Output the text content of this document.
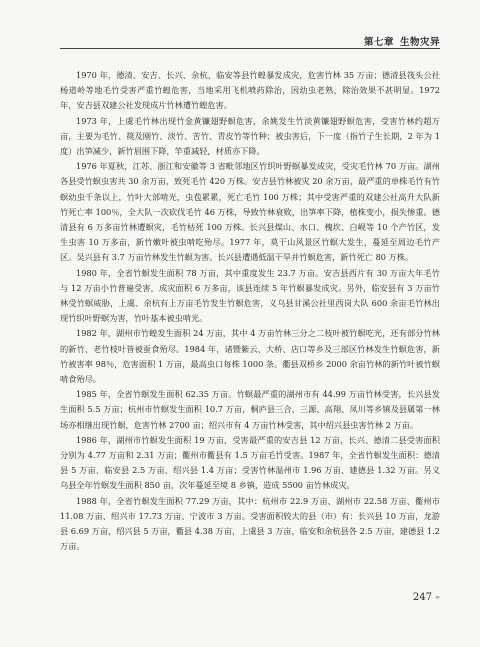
第七章 生物灾异

1970 年，德清、安吉、长兴、余杭、临安等县竹蝗暴发成灾，危害竹林 35 万亩；德清县筏头公社杨道岭等地毛竹受害严重竹蝗危害，当地采用飞机喷药除治，因幼虫老熟，除治效果不甚明显。1972 年，安吉县双建公社发现成片竹林遭竹蝗危害。

1973 年，上虞毛竹林出现竹金黄镰翅野螟危害，余姚发生竹淡黄镰翅野螟危害，受害竹林约超万亩，主要为毛竹、篌及刚竹、淡竹、苦竹、青皮竹等竹种；被虫害后，下一度（指竹子生长期，2 年为 1 度）出笋减少，新竹眉围下降，竿重减轻，材质亦下降。

1976 年夏秋，江苏、浙江和安徽等 3 省毗邻地区竹织叶野螟暴发成灾，受灾毛竹林 70 万亩。湖州各县受竹螟虫害共 30 余万亩，致死毛竹 420 万株。安吉县竹林被灾 20 余万亩，最严重的单株毛竹有竹螟幼虫千条以上，竹叶大部啃光，虫苞累累，死亡毛竹 100 万株；其中受害严重的双建公社高升大队新竹死亡率 100％，全大队一次砍伐毛竹 46 万株，导致竹林衰败，出笋率下降，植株变小，损失惨重。德清县有 6 万多亩竹林遭螟灾，毛竹枯死 100 万株。长兴县煤山、水口、槐坎、白岘等 10 个产竹区，发生虫害 10 万多亩，新竹嫩叶被虫啃吃殆尽。1977 年，莫干山风景区竹螟大发生，蔓延至周边毛竹产区。吴兴县有 3.7 万亩竹林发生竹螟为害。长兴县遭遇低温干旱并竹螟危害，新竹死亡 80 万株。

1980 年，全省竹螟发生面积 78 万亩，其中重度发生 23.7 万亩。安吉县西片有 30 万亩大年毛竹与 12 万亩小竹普遍受害，成灾面积 6 万多亩，该县连续 5 年竹螟暴发成灾。另外，临安县有 3 万亩竹林受竹螟威胁，上虞、余杭有上万亩毛竹发生竹螟危害，义乌县甘溪公社里西岗大队 600 余亩毛竹林出现竹织叶野螟为害，竹叶基本被虫啃光。

1982 年，湖州市竹蝗发生面积 24 万亩，其中 4 万亩竹林三分之二枝叶被竹螟吃光，还有部分竹林的新竹、老竹枝叶皆被蚕食殆尽。1984 年，诸暨紫云、大桥、店口等乡及三部区竹林发生竹螟危害，新竹被害率 98％，危害面积 1 万亩，最高虫口每株 1000 条。衢县双桥乡 2000 余亩竹林的新竹叶被竹螟啃食殆尽。

1985 年，全省竹螟发生面积 62.35 万亩。竹螟最严重的湖州市有 44.99 万亩竹林受害，长兴县发生面积 5.5 万亩；杭州市竹螟发生面积 10.7 万亩，桐庐县三合、三源、高翔、凤川等乡镇及县属第一林场亦相继出现竹螟，危害竹林 2700 亩；绍兴市有 4 万亩竹林受害，其中绍兴县虫害竹林 2 万亩。

1986 年，湖州市竹螟发生面积 19 万亩，受害最严重的安吉县 12 万亩，长兴、德清二县受害面积分别为 4.77 万亩和 2.31 万亩；衢州市衢县有 1.5 万亩毛竹受害。1987 年，全省竹螟发生面积：德清县 5 万亩、临安县 2.5 万亩、绍兴县 1.4 万亩；受害竹林温州市 1.96 万亩、建德县 1.32 万亩。另义乌县全年竹螟发生面积 850 亩，次年蔓延至境 8 乡镇，造成 5500 亩竹林成灾。

1988 年，全省竹螟发生面积 77.29 万亩，其中：杭州市 22.9 万亩、湖州市 22.58 万亩、衢州市 11.08 万亩、绍兴市 17.73 万亩、宁波市 3 万亩。受害面积较大的县（市）有：长兴县 10 万亩，龙游县 6.69 万亩，绍兴县 5 万亩，衢县 4.38 万亩，上虞县 3 万亩，临安和余杭县各 2.5 万亩，建德县 1.2 万亩。

247 ∞
